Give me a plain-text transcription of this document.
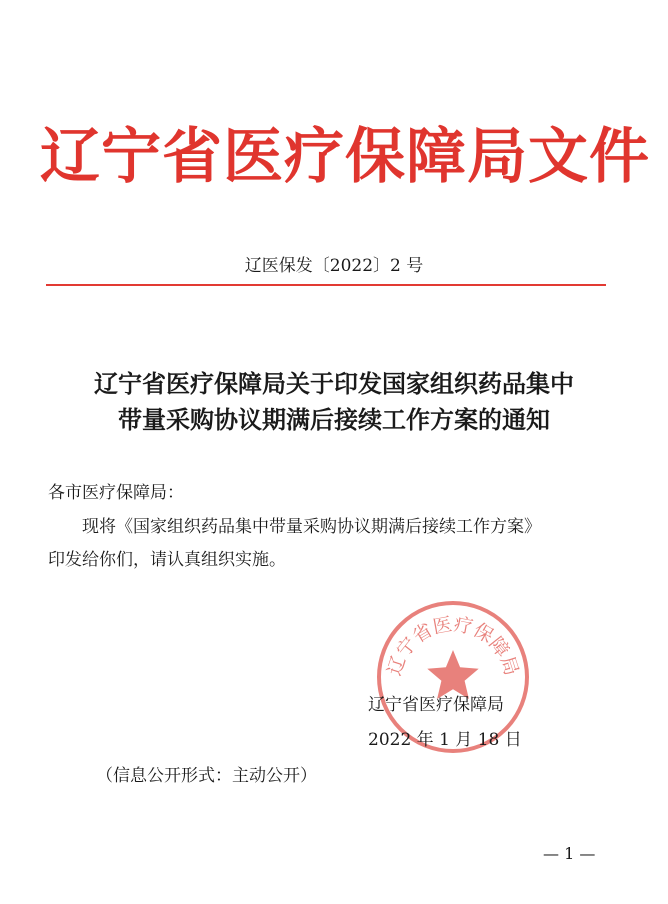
辽宁省医疗保障局文件
辽医保发〔2022〕2 号
辽宁省医疗保障局关于印发国家组织药品集中
带量采购协议期满后接续工作方案的通知
各市医疗保障局：
现将《国家组织药品集中带量采购协议期满后接续工作方案》
印发给你们，请认真组织实施。
辽宁省医疗保障局
辽宁省医疗保障局
2022 年 1 月 18 日
（信息公开形式：主动公开）
— 1 —
